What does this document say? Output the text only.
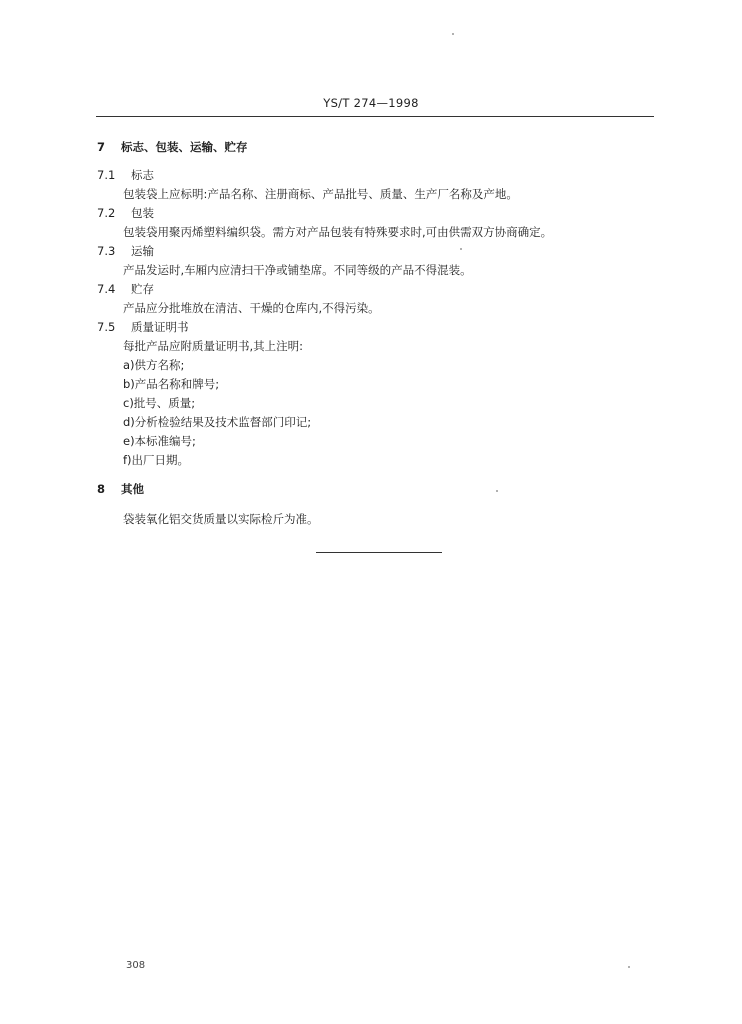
YS/T 274—1998
7 标志、包装、运输、贮存
7.1 标志
包装袋上应标明:产品名称、注册商标、产品批号、质量、生产厂名称及产地。
7.2 包装
包装袋用聚丙烯塑料编织袋。需方对产品包装有特殊要求时,可由供需双方协商确定。
7.3 运输
产品发运时,车厢内应清扫干净或铺垫席。不同等级的产品不得混装。
7.4 贮存
产品应分批堆放在清洁、干燥的仓库内,不得污染。
7.5 质量证明书
每批产品应附质量证明书,其上注明:
a)供方名称;
b)产品名称和牌号;
c)批号、质量;
d)分析检验结果及技术监督部门印记;
e)本标准编号;
f)出厂日期。
8 其他
袋装氧化铝交货质量以实际检斤为准。
308
